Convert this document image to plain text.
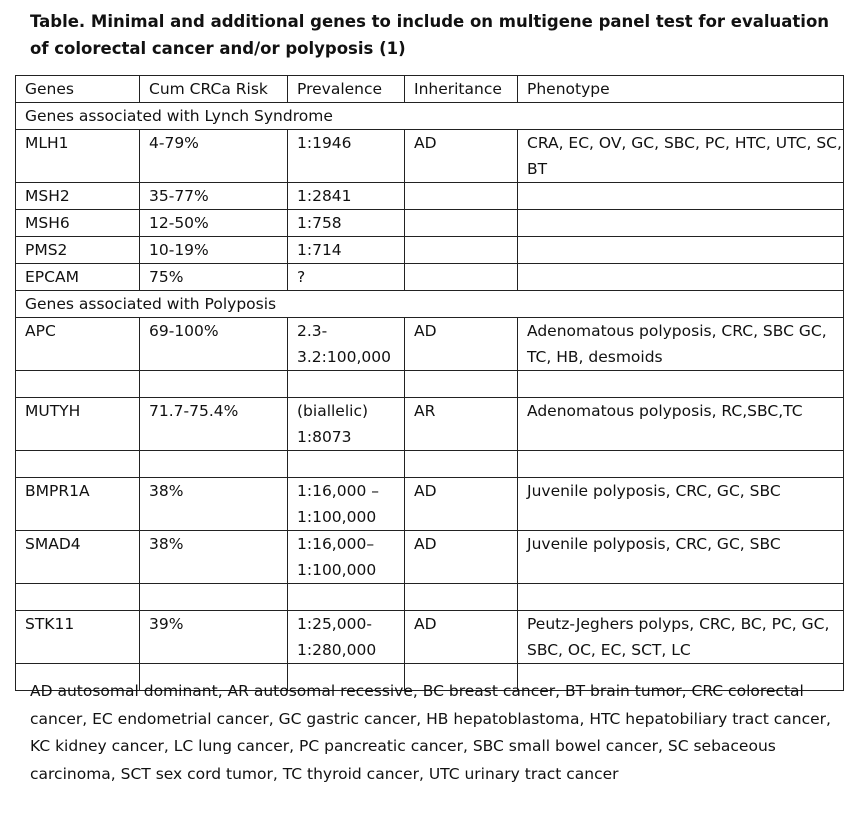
Table. Minimal and additional genes to include on multigene panel test for evaluation of colorectal cancer and/or polyposis (1)

Genes	Cum CRCa Risk	Prevalence	Inheritance	Phenotype
Genes associated with Lynch Syndrome				
MLH1	4-79%	1:1946	AD	CRA, EC, OV, GC, SBC, PC, HTC, UTC, SC, BT
MSH2	35-77%	1:2841		
MSH6	12-50%	1:758		
PMS2	10-19%	1:714		
EPCAM	75%	?		
Genes associated with Polyposis				
APC	69-100%	2.3-3.2:100,000	AD	Adenomatous polyposis, CRC, SBC GC, TC, HB, desmoids

MUTYH	71.7-75.4%	(biallelic) 1:8073	AR	Adenomatous polyposis, RC,SBC,TC

BMPR1A	38%	1:16,000 – 1:100,000	AD	Juvenile polyposis, CRC, GC, SBC
SMAD4	38%	1:16,000– 1:100,000	AD	Juvenile polyposis, CRC, GC, SBC

STK11	39%	1:25,000- 1:280,000	AD	Peutz-Jeghers polyps, CRC, BC, PC, GC, SBC, OC, EC, SCT, LC

AD autosomal dominant, AR autosomal recessive, BC breast cancer, BT brain tumor, CRC colorectal cancer, EC endometrial cancer, GC gastric cancer, HB hepatoblastoma, HTC hepatobiliary tract cancer, KC kidney cancer, LC lung cancer, PC pancreatic cancer, SBC small bowel cancer, SC sebaceous carcinoma, SCT sex cord tumor, TC thyroid cancer, UTC urinary tract cancer
